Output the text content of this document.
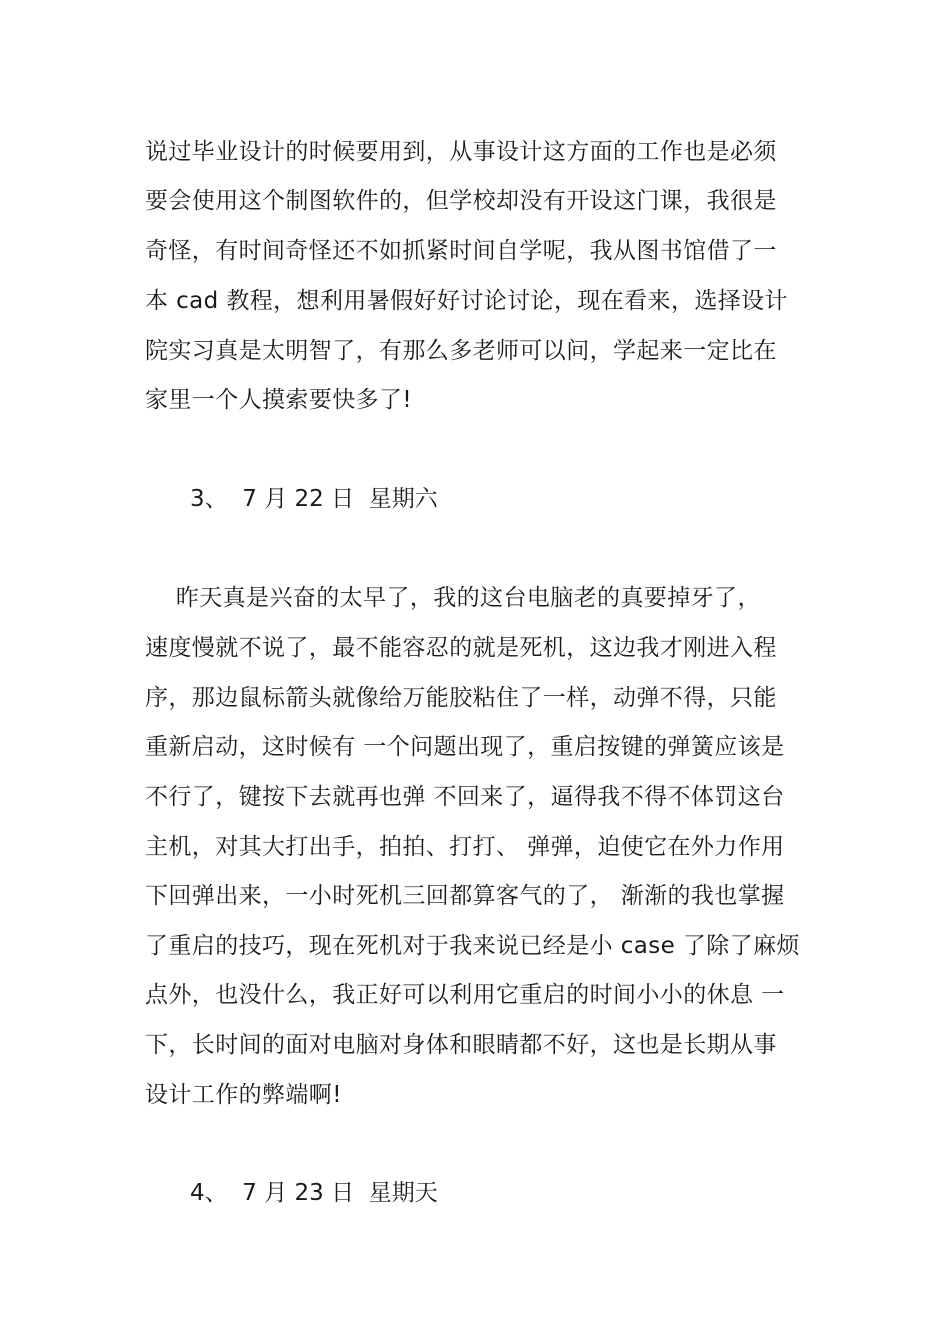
说过毕业设计的时候要用到，从事设计这方面的工作也是必须
要会使用这个制图软件的，但学校却没有开设这门课，我很是
奇怪，有时间奇怪还不如抓紧时间自学呢，我从图书馆借了一
本 cad 教程，想利用暑假好好讨论讨论，现在看来，选择设计
院实习真是太明智了，有那么多老师可以问，学起来一定比在
家里一个人摸索要快多了!
3、  7 月 22 日  星期六
昨天真是兴奋的太早了，我的这台电脑老的真要掉牙了，
速度慢就不说了，最不能容忍的就是死机，这边我才刚进入程
序，那边鼠标箭头就像给万能胶粘住了一样，动弹不得，只能
重新启动，这时候有 一个问题出现了，重启按键的弹簧应该是
不行了，键按下去就再也弹 不回来了，逼得我不得不体罚这台
主机，对其大打出手，拍拍、打打、 弹弹，迫使它在外力作用
下回弹出来，一小时死机三回都算客气的了， 渐渐的我也掌握
了重启的技巧，现在死机对于我来说已经是小 case 了除了麻烦
点外，也没什么，我正好可以利用它重启的时间小小的休息 一
下，长时间的面对电脑对身体和眼睛都不好，这也是长期从事
设计工作的弊端啊!
4、  7 月 23 日  星期天
